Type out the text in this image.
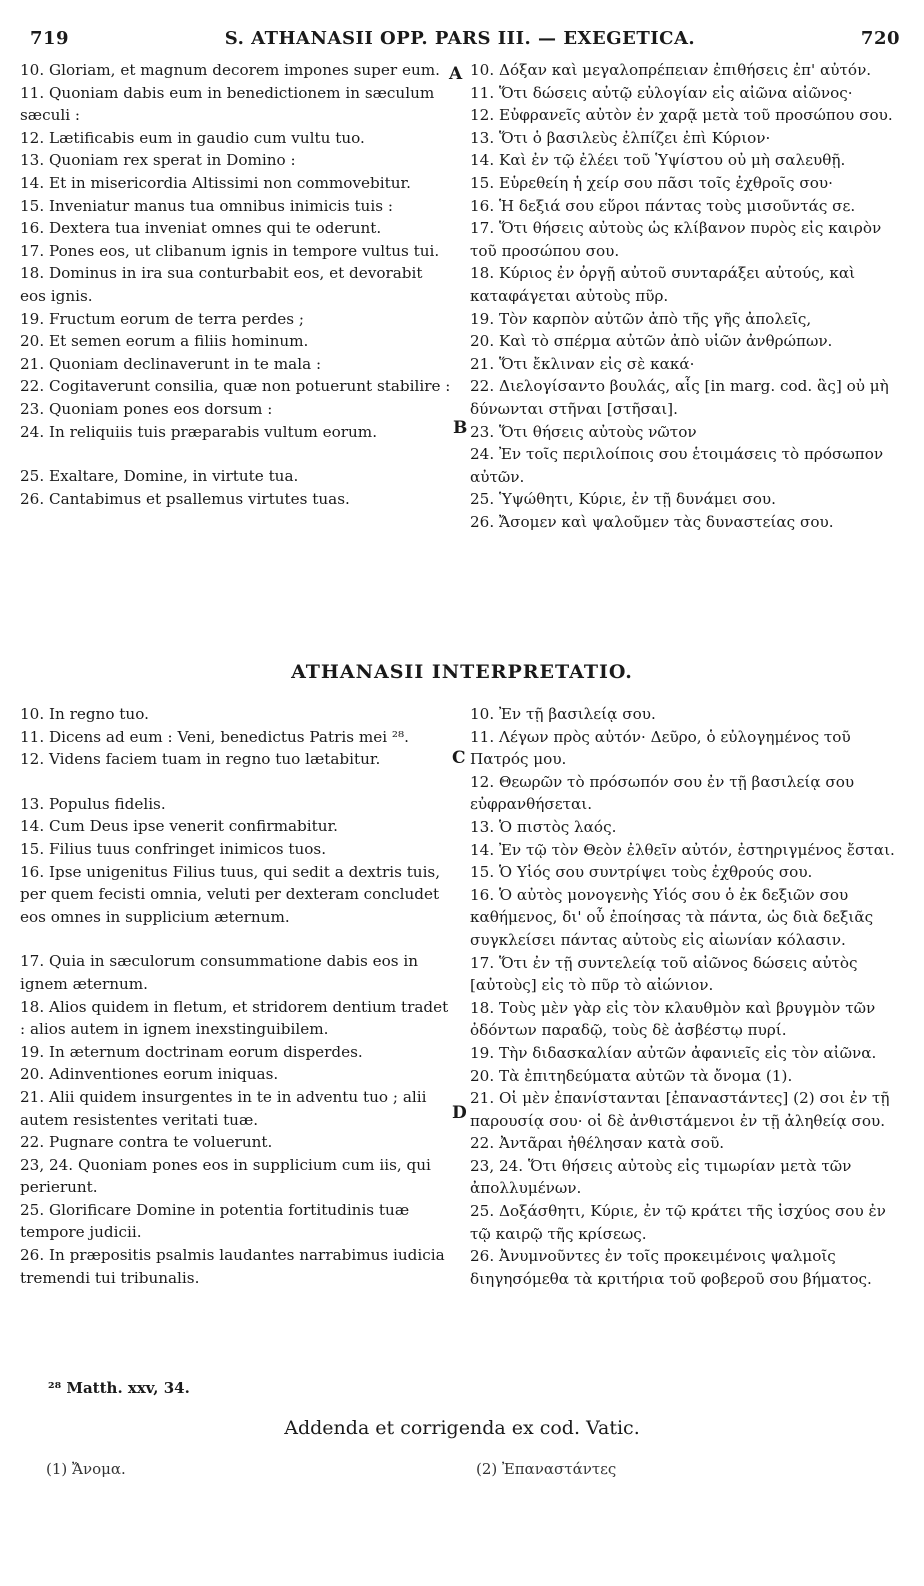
719	S. ATHANASII OPP. PARS III. — EXEGETICA.	720

10. Gloriam, et magnum decorem impones super eum.

11. Quoniam dabis eum in benedictionem in sæculum sæculi :

12. Lætificabis eum in gaudio cum vultu tuo.

13. Quoniam rex sperat in Domino :

14. Et in misericordia Altissimi non commovebitur.

15. Inveniatur manus tua omnibus inimicis tuis :

16. Dextera tua inveniat omnes qui te oderunt.

17. Pones eos, ut clibanum ignis in tempore vultus tui.

18. Dominus in ira sua conturbabit eos, et devorabit eos ignis.

19. Fructum eorum de terra perdes ;

20. Et semen eorum a filiis hominum.

21. Quoniam declinaverunt in te mala :

22. Cogitaverunt consilia, quæ non potuerunt stabilire :

23. Quoniam pones eos dorsum :

24. In reliquiis tuis præparabis vultum eorum.

25. Exaltare, Domine, in virtute tua.

26. Cantabimus et psallemus virtutes tuas.

10. Δόξαν καὶ μεγαλοπρέπειαν ἐπιθήσεις ἐπ' αὐτόν.

11. Ὅτι δώσεις αὐτῷ εὐλογίαν εἰς αἰῶνα αἰῶνος·

12. Εὐφρανεῖς αὐτὸν ἐν χαρᾷ μετὰ τοῦ προσώπου σου.

13. Ὅτι ὁ βασιλεὺς ἐλπίζει ἐπὶ Κύριον·

14. Καὶ ἐν τῷ ἐλέει τοῦ Ὑψίστου οὐ μὴ σαλευθῇ.

15. Εὑρεθείη ἡ χείρ σου πᾶσι τοῖς ἐχθροῖς σου·

16. Ἡ δεξιά σου εὕροι πάντας τοὺς μισοῦντάς σε.

17. Ὅτι θήσεις αὐτοὺς ὡς κλίβανον πυρὸς εἰς καιρὸν τοῦ προσώπου σου.

18. Κύριος ἐν ὀργῇ αὐτοῦ συνταράξει αὐτούς, καὶ καταφάγεται αὐτοὺς πῦρ.

19. Τὸν καρπὸν αὐτῶν ἀπὸ τῆς γῆς ἀπολεῖς,

20. Καὶ τὸ σπέρμα αὐτῶν ἀπὸ υἱῶν ἀνθρώπων.

21. Ὅτι ἔκλιναν εἰς σὲ κακά·

22. Διελογίσαντο βουλάς, αἷς [in marg. cod. ἃς] οὐ μὴ δύνωνται στῆναι [στῆσαι].

23. Ὅτι θήσεις αὐτοὺς νῶτον

24. Ἐν τοῖς περιλοίποις σου ἑτοιμάσεις τὸ πρόσωπον αὐτῶν.

25. Ὑψώθητι, Κύριε, ἐν τῇ δυνάμει σου.

26. Ἄσομεν καὶ ψαλοῦμεν τὰς δυναστείας σου.

A
B
C
D
ATHANASII INTERPRETATIO.

10. In regno tuo.

11. Dicens ad eum : Veni, benedictus Patris mei ²⁸.

12. Videns faciem tuam in regno tuo lætabitur.

13. Populus fidelis.

14. Cum Deus ipse venerit confirmabitur.

15. Filius tuus confringet inimicos tuos.

16. Ipse unigenitus Filius tuus, qui sedit a dextris tuis, per quem fecisti omnia, veluti per dexteram concludet eos omnes in supplicium æternum.

17. Quia in sæculorum consummatione dabis eos in ignem æternum.

18. Alios quidem in fletum, et stridorem dentium tradet : alios autem in ignem inexstinguibilem.

19. In æternum doctrinam eorum disperdes.

20. Adinventiones eorum iniquas.

21. Alii quidem insurgentes in te in adventu tuo ; alii autem resistentes veritati tuæ.

22. Pugnare contra te voluerunt.

23, 24. Quoniam pones eos in supplicium cum iis, qui perierunt.

25. Glorificare Domine in potentia fortitudinis tuæ tempore judicii.

26. In præpositis psalmis laudantes narrabimus iudicia tremendi tui tribunalis.

10. Ἐν τῇ βασιλείᾳ σου.

11. Λέγων πρὸς αὐτόν· Δεῦρο, ὁ εὐλογημένος τοῦ Πατρός μου.

12. Θεωρῶν τὸ πρόσωπόν σου ἐν τῇ βασιλείᾳ σου εὐφρανθήσεται.

13. Ὁ πιστὸς λαός.

14. Ἐν τῷ τὸν Θεὸν ἐλθεῖν αὐτόν, ἐστηριγμένος ἔσται.

15. Ὁ Υἱός σου συντρίψει τοὺς ἐχθρούς σου.

16. Ὁ αὐτὸς μονογενὴς Υἱός σου ὁ ἐκ δεξιῶν σου καθήμενος, δι' οὗ ἐποίησας τὰ πάντα, ὡς διὰ δεξιᾶς συγκλείσει πάντας αὐτοὺς εἰς αἰωνίαν κόλασιν.

17. Ὅτι ἐν τῇ συντελείᾳ τοῦ αἰῶνος δώσεις αὐτὸς [αὐτοὺς] εἰς τὸ πῦρ τὸ αἰώνιον.

18. Τοὺς μὲν γὰρ εἰς τὸν κλαυθμὸν καὶ βρυγμὸν τῶν ὀδόντων παραδῷ, τοὺς δὲ ἀσβέστῳ πυρί.

19. Τὴν διδασκαλίαν αὐτῶν ἀφανιεῖς εἰς τὸν αἰῶνα.

20. Τὰ ἐπιτηδεύματα αὐτῶν τὰ ὄνομα (1).

21. Οἱ μὲν ἐπανίστανται [ἐπαναστάντες] (2) σοι ἐν τῇ παρουσίᾳ σου· οἱ δὲ ἀνθιστάμενοι ἐν τῇ ἀληθείᾳ σου.

22. Ἀντᾶραι ἠθέλησαν κατὰ σοῦ.

23, 24. Ὅτι θήσεις αὐτοὺς εἰς τιμωρίαν μετὰ τῶν ἀπολλυμένων.

25. Δοξάσθητι, Κύριε, ἐν τῷ κράτει τῆς ἰσχύος σου ἐν τῷ καιρῷ τῆς κρίσεως.

26. Ἀνυμνοῦντες ἐν τοῖς προκειμένοις ψαλμοῖς διηγησόμεθα τὰ κριτήρια τοῦ φοβεροῦ σου βήματος.

²⁸ Matth. xxv, 34.
Addenda et corrigenda ex cod. Vatic.
(1) Ἄνομα.	(2) Ἐπαναστάντες
